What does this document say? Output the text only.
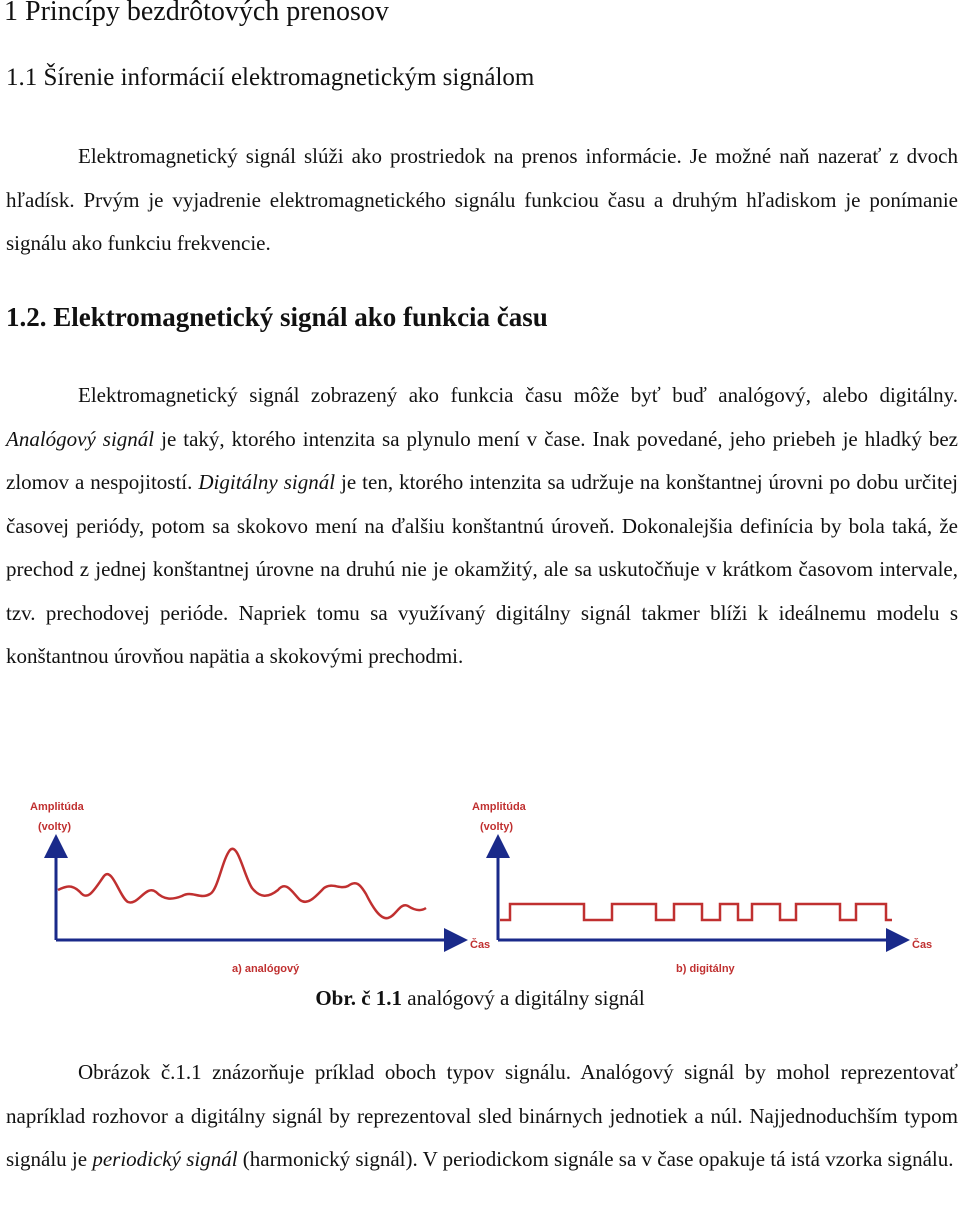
1 Princípy bezdrôtových prenosov
1.1 Šírenie informácií elektromagnetickým signálom

Elektromagnetický signál slúži ako prostriedok na prenos informácie. Je možné naň nazerať z dvoch hľadísk. Prvým je vyjadrenie elektromagnetického signálu funkciou času a druhým hľadiskom je ponímanie signálu ako funkciu frekvencie.

1.2. Elektromagnetický signál ako funkcia času

Elektromagnetický signál zobrazený ako funkcia času môže byť buď analógový, alebo digitálny. Analógový signál je taký, ktorého intenzita sa plynulo mení v čase. Inak povedané, jeho priebeh je hladký bez zlomov a nespojitostí. Digitálny signál je ten, ktorého intenzita sa udržuje na konštantnej úrovni po dobu určitej časovej periódy, potom sa skokovo mení na ďalšiu konštantnú úroveň. Dokonalejšia definícia by bola taká, že prechod z jednej konštantnej úrovne na druhú nie je okamžitý, ale sa uskutočňuje v krátkom časovom intervale, tzv. prechodovej perióde. Napriek tomu sa využívaný digitálny signál takmer blíži k ideálnemu modelu s konštantnou úrovňou napätia a skokovými prechodmi.

Amplitúda
(volty)
Čas
a) analógový
Amplitúda
(volty)
Čas
b) digitálny
Obr. č 1.1 analógový a digitálny signál

Obrázok č.1.1 znázorňuje príklad oboch typov signálu. Analógový signál by mohol reprezentovať napríklad rozhovor a digitálny signál by reprezentoval sled binárnych jednotiek a núl. Najjednoduchším typom signálu je periodický signál (harmonický signál). V periodickom signále sa v čase opakuje tá istá vzorka signálu.
